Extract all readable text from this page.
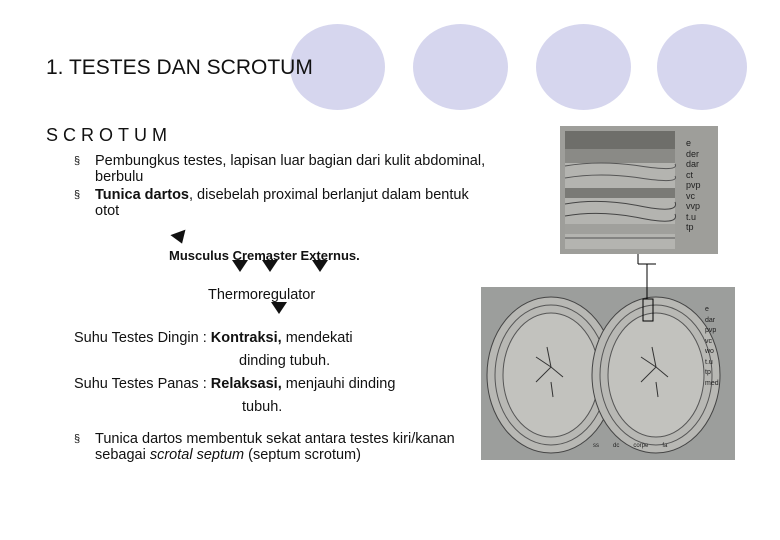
1. TESTES DAN SCROTUM
SCROTUM
§ Pembungkus testes, lapisan luar bagian dari kulit abdominal, berbulu
§ Tunica dartos, disebelah proximal berlanjut dalam bentuk otot
Musculus Cremaster Externus.
Thermoregulator
Suhu Testes Dingin : Kontraksi, mendekati
dinding tubuh.
Suhu Testes Panas : Relaksasi, menjauhi dinding
tubuh.
§ Tunica dartos membentuk sekat antara testes kiri/kanan sebagai scrotal septum (septum scrotum)
e
der
dar
ct
pvp
vc
vvp
t.u
tp
e
dar
pvp
vc
wo
t.u
tp
med
ss dc corpe fa
